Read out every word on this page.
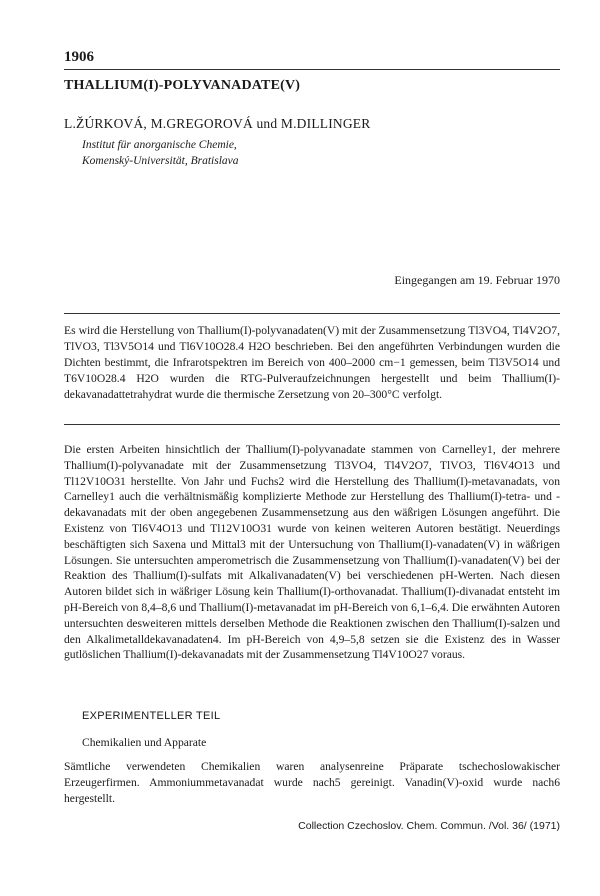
1906
THALLIUM(I)-POLYVANADATE(V)
L.ŽÚRKOVÁ, M.GREGOROVÁ und M.DILLINGER
Institut für anorganische Chemie,
Komenský-Universität, Bratislava
Eingegangen am 19. Februar 1970

Es wird die Herstellung von Thallium(I)-polyvanadaten(V) mit der Zusammensetzung Tl3VO4, Tl4V2O7, TlVO3, Tl3V5O14 und Tl6V10O28.4 H2O beschrieben. Bei den angeführten Verbindungen wurden die Dichten bestimmt, die Infrarotspektren im Bereich von 400–2000 cm−1 gemessen, beim Tl3V5O14 und T6V10O28.4 H2O wurden die RTG-Pulveraufzeichnungen hergestellt und beim Thallium(I)-dekavanadattetrahydrat wurde die thermische Zersetzung von 20–300°C verfolgt.

Die ersten Arbeiten hinsichtlich der Thallium(I)-polyvanadate stammen von Carnelley1, der mehrere Thallium(I)-polyvanadate mit der Zusammensetzung Tl3VO4, Tl4V2O7, TlVO3, Tl6V4O13 und Tl12V10O31 herstellte. Von Jahr und Fuchs2 wird die Herstellung des Thallium(I)-metavanadats, von Carnelley1 auch die verhältnismäßig komplizierte Methode zur Herstellung des Thallium(I)-tetra- und -dekavanadats mit der oben angegebenen Zusammensetzung aus den wäßrigen Lösungen angeführt. Die Existenz von Tl6V4O13 und Tl12V10O31 wurde von keinen weiteren Autoren bestätigt. Neuerdings beschäftigten sich Saxena und Mittal3 mit der Untersuchung von Thallium(I)-vanadaten(V) in wäßrigen Lösungen. Sie untersuchten amperometrisch die Zusammensetzung von Thallium(I)-vanadaten(V) bei der Reaktion des Thallium(I)-sulfats mit Alkalivanadaten(V) bei verschiedenen pH-Werten. Nach diesen Autoren bildet sich in wäßriger Lösung kein Thallium(I)-orthovanadat. Thallium(I)-divanadat entsteht im pH-Bereich von 8,4–8,6 und Thallium(I)-metavanadat im pH-Bereich von 6,1–6,4. Die erwähnten Autoren untersuchten desweiteren mittels derselben Methode die Reaktionen zwischen den Thallium(I)-salzen und den Alkalimetalldekavanadaten4. Im pH-Bereich von 4,9–5,8 setzen sie die Existenz des in Wasser gutlöslichen Thallium(I)-dekavanadats mit der Zusammensetzung Tl4V10O27 voraus.

EXPERIMENTELLER TEIL
Chemikalien und Apparate

Sämtliche verwendeten Chemikalien waren analysenreine Präparate tschechoslowakischer Erzeugerfirmen. Ammoniummetavanadat wurde nach5 gereinigt. Vanadin(V)-oxid wurde nach6 hergestellt.

Collection Czechoslov. Chem. Commun. /Vol. 36/ (1971)
